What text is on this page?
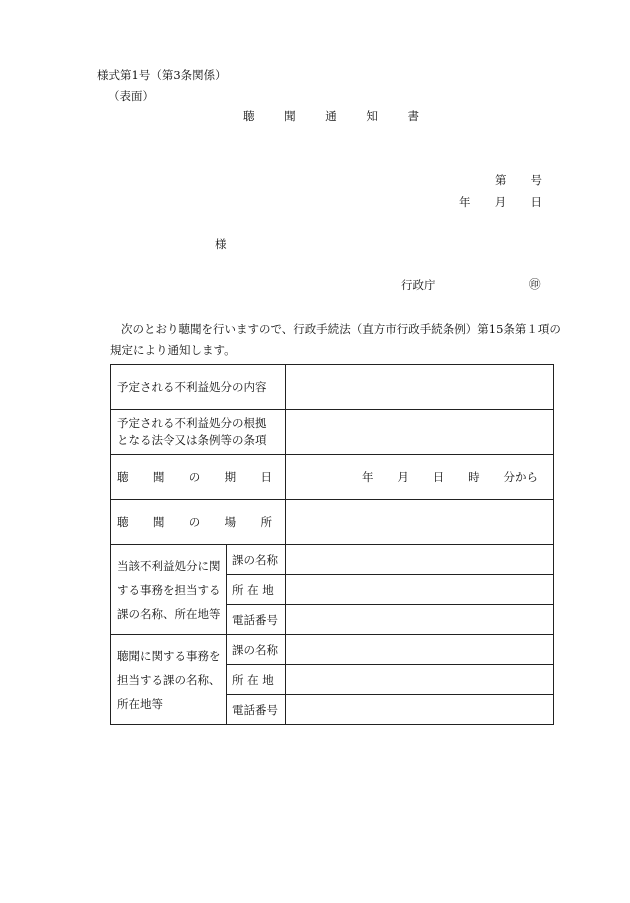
様式第1号（第3条関係）
（表面）
聴	聞	通	知	書
第 号
年 月 日
様
行政庁	㊞
次のとおり聴聞を行いますので、行政手続法（直方市行政手続条例）第15条第１項の
規定により通知します。
予定される不利益処分の内容		

予定される不利益処分の根拠
となる法令又は条例等の条項		

聴 聞 の 期 日		年 月 日 時 分から

聴 聞 の 場 所		

当該不利益処分に関
する事務を担当する
課の名称、所在地等	課の名称	
	所 在 地	
	電話番号	

聴聞に関する事務を
担当する課の名称、
所在地等	課の名称	
	所 在 地	
	電話番号	
